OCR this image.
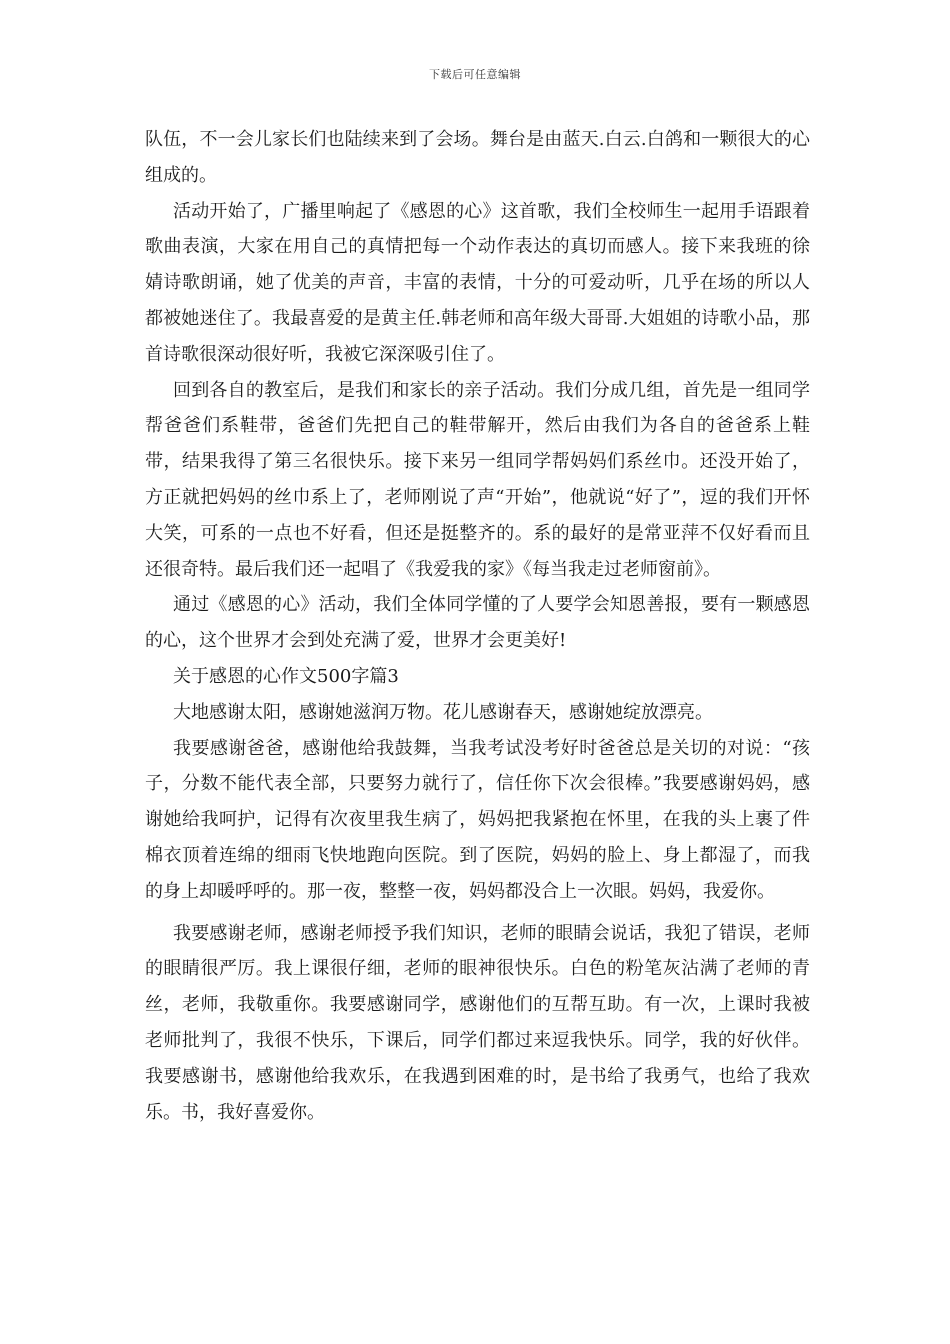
下载后可任意编辑

队伍，不一会儿家长们也陆续来到了会场。舞台是由蓝天.白云.白鸽和一颗很大的心组成的。

活动开始了，广播里响起了《感恩的心》这首歌，我们全校师生一起用手语跟着歌曲表演，大家在用自己的真情把每一个动作表达的真切而感人。接下来我班的徐婧诗歌朗诵，她了优美的声音，丰富的表情，十分的可爱动听，几乎在场的所以人都被她迷住了。我最喜爱的是黄主任.韩老师和高年级大哥哥.大姐姐的诗歌小品，那首诗歌很深动很好听，我被它深深吸引住了。

回到各自的教室后，是我们和家长的亲子活动。我们分成几组，首先是一组同学帮爸爸们系鞋带，爸爸们先把自己的鞋带解开，然后由我们为各自的爸爸系上鞋带，结果我得了第三名很快乐。接下来另一组同学帮妈妈们系丝巾。还没开始了，方正就把妈妈的丝巾系上了，老师刚说了声“开始”，他就说“好了”，逗的我们开怀大笑，可系的一点也不好看，但还是挺整齐的。系的最好的是常亚萍不仅好看而且还很奇特。最后我们还一起唱了《我爱我的家》《每当我走过老师窗前》。

通过《感恩的心》活动，我们全体同学懂的了人要学会知恩善报，要有一颗感恩的心，这个世界才会到处充满了爱，世界才会更美好!

关于感恩的心作文500字篇3

大地感谢太阳，感谢她滋润万物。花儿感谢春天，感谢她绽放漂亮。

我要感谢爸爸，感谢他给我鼓舞，当我考试没考好时爸爸总是关切的对说：“孩子，分数不能代表全部，只要努力就行了，信任你下次会很棒。”我要感谢妈妈，感谢她给我呵护，记得有次夜里我生病了，妈妈把我紧抱在怀里，在我的头上裹了件棉衣顶着连绵的细雨飞快地跑向医院。到了医院，妈妈的脸上、身上都湿了，而我的身上却暖呼呼的。那一夜，整整一夜，妈妈都没合上一次眼。妈妈，我爱你。

我要感谢老师，感谢老师授予我们知识，老师的眼睛会说话，我犯了错误，老师的眼睛很严厉。我上课很仔细，老师的眼神很快乐。白色的粉笔灰沾满了老师的青丝，老师，我敬重你。我要感谢同学，感谢他们的互帮互助。有一次，上课时我被老师批判了，我很不快乐，下课后，同学们都过来逗我快乐。同学，我的好伙伴。我要感谢书，感谢他给我欢乐，在我遇到困难的时，是书给了我勇气，也给了我欢乐。书，我好喜爱你。
